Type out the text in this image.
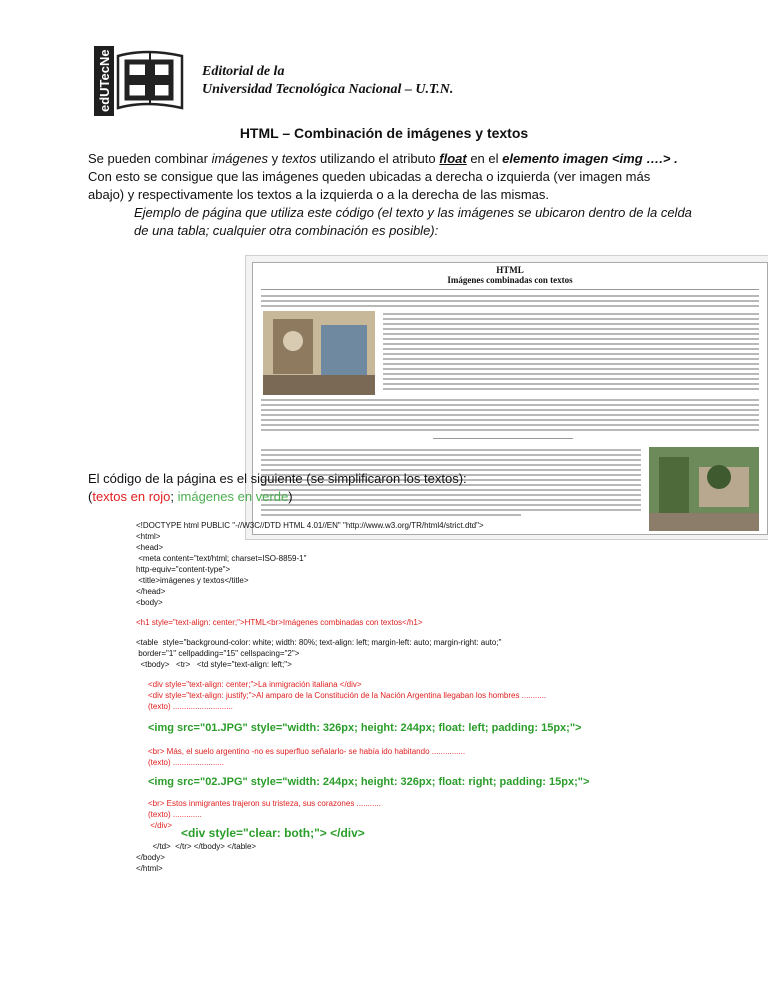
edUTecNe	Editorial de la
Universidad Tecnológica Nacional – U.T.N.
HTML – Combinación de imágenes y textos
Se pueden combinar imágenes y textos utilizando el atributo float en el elemento imagen <img ….> .
Con esto se consigue que las imágenes queden ubicadas a derecha o izquierda (ver imagen más abajo) y respectivamente los textos a la izquierda o a la derecha de las mismas.
Ejemplo de página que utiliza este código (el texto y las imágenes se ubicaron dentro de la celda de una tabla; cualquier otra combinación es posible):
HTML
Imágenes combinadas con textos
El código de la página es el siguiente (se simplificaron los textos):
(textos en rojo; imágenes en verde)
<!DOCTYPE html PUBLIC "-//W3C//DTD HTML 4.01//EN" "http://www.w3.org/TR/html4/strict.dtd">
<html>
<head>
<meta content="text/html; charset=ISO-8859-1"
http-equiv="content-type">
<title>imágenes y textos</title>
</head>
<body>
<h1 style="text-align: center;">HTML<br>Imágenes combinadas con textos</h1>
<table  style="background-color: white; width: 80%; text-align: left; margin-left: auto; margin-right: auto;"
border="1" cellpadding="15" cellspacing="2">
<tbody>   <tr>   <td style="text-align: left;">
<div style="text-align: center;">La inmigración italiana </div>
<div style="text-align: justify;">Al amparo de la Constitución de la Nación Argentina llegaban los hombres ...........
(texto) ...........................
<img src="01.JPG" style="width: 326px; height: 244px; float: left; padding: 15px;">
<br> Más, el suelo argentino -no es superfluo señalarlo- se había ido habitando ...............
(texto) .......................
<img src="02.JPG" style="width: 244px; height: 326px; float: right; padding: 15px;">
<br> Estos inmigrantes trajeron su tristeza, sus corazones ...........
(texto) .............
</div>
<div style="clear: both;"> </div>
</td>  </tr> </tbody> </table>
</body>
</html>
